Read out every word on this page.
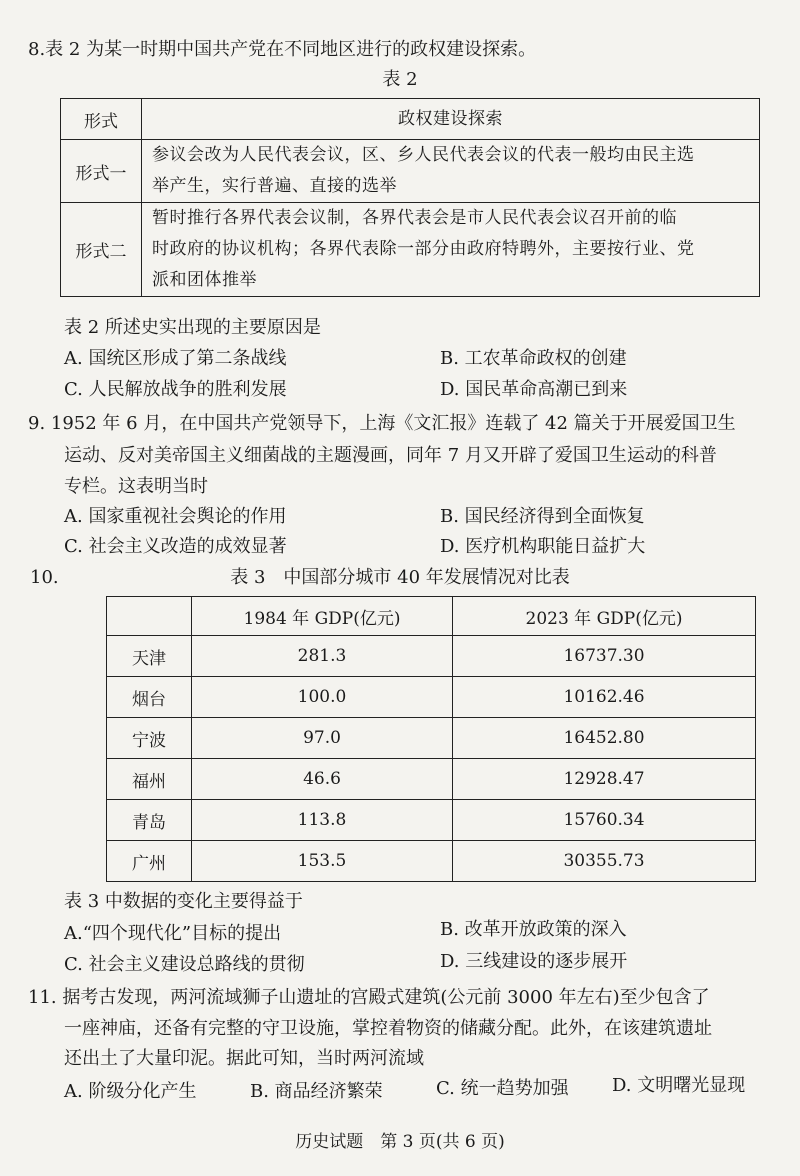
8.表 2 为某一时期中国共产党在不同地区进行的政权建设探索。
表 2
形式	政权建设探索
形式一	参议会改为人民代表会议，区、乡人民代表会议的代表一般均由民主选
举产生，实行普遍、直接的选举

形式二	暂时推行各界代表会议制，各界代表会是市人民代表会议召开前的临
时政府的协议机构；各界代表除一部分由政府特聘外，主要按行业、党
派和团体推举
表 2 所述史实出现的主要原因是
A. 国统区形成了第二条战线	B. 工农革命政权的创建
C. 人民解放战争的胜利发展	D. 国民革命高潮已到来
9. 1952 年 6 月，在中国共产党领导下，上海《文汇报》连载了 42 篇关于开展爱国卫生
运动、反对美帝国主义细菌战的主题漫画，同年 7 月又开辟了爱国卫生运动的科普
专栏。这表明当时
A. 国家重视社会舆论的作用	B. 国民经济得到全面恢复
C. 社会主义改造的成效显著	D. 医疗机构职能日益扩大
10.	表 3　中国部分城市 40 年发展情况对比表
	1984 年 GDP(亿元)	2023 年 GDP(亿元)
天津	281.3	16737.30
烟台	100.0	10162.46
宁波	97.0	16452.80
福州	46.6	12928.47
青岛	113.8	15760.34
广州	153.5	30355.73
表 3 中数据的变化主要得益于
A.“四个现代化”目标的提出	B. 改革开放政策的深入
C. 社会主义建设总路线的贯彻	D. 三线建设的逐步展开
11. 据考古发现，两河流域狮子山遗址的宫殿式建筑(公元前 3000 年左右)至少包含了
一座神庙，还备有完整的守卫设施，掌控着物资的储藏分配。此外，在该建筑遗址
还出土了大量印泥。据此可知，当时两河流域
A. 阶级分化产生	B. 商品经济繁荣	C. 统一趋势加强 D. 文明曙光显现
历史试题　第 3 页(共 6 页)
